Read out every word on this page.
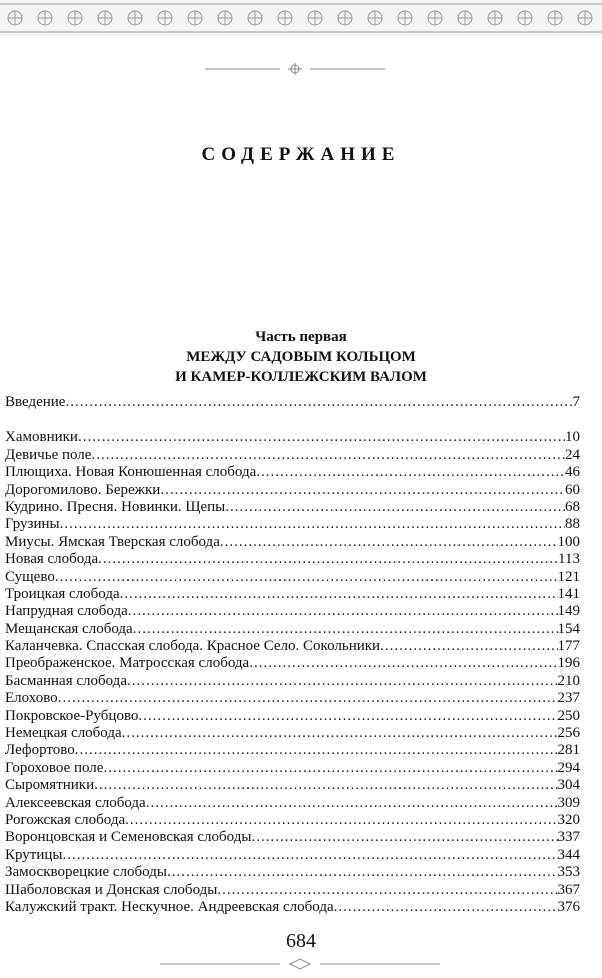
СОДЕРЖАНИЕ
Часть первая
МЕЖДУ САДОВЫМ КОЛЬЦОМ
И КАМЕР-КОЛЛЕЖСКИМ ВАЛОМ
Введение .....	7
Хамовники .....	10
Девичье поле .....	24
Плющиха. Новая Конюшенная слобода .....	46
Дорогомилово. Бережки .....	60
Кудрино. Пресня. Новинки. Щепы .....	68
Грузины .....	88
Миусы. Ямская Тверская слобода .....	100
Новая слобода .....	113
Сущево .....	121
Троицкая слобода .....	141
Напрудная слобода .....	149
Мещанская слобода .....	154
Каланчевка. Спасская слобода. Красное Село. Сокольники .....	177
Преображенское. Матросская слобода .....	196
Басманная слобода .....	210
Елохово .....	237
Покровское-Рубцово .....	250
Немецкая слобода .....	256
Лефортово .....	281
Гороховое поле .....	294
Сыромятники .....	304
Алексеевская слобода .....	309
Рогожская слобода .....	320
Воронцовская и Семеновская слободы .....	337
Крутицы .....	344
Замоскворецкие слободы .....	353
Шаболовская и Донская слободы .....	367
Калужский тракт. Нескучное. Андреевская слобода .....	376
684
